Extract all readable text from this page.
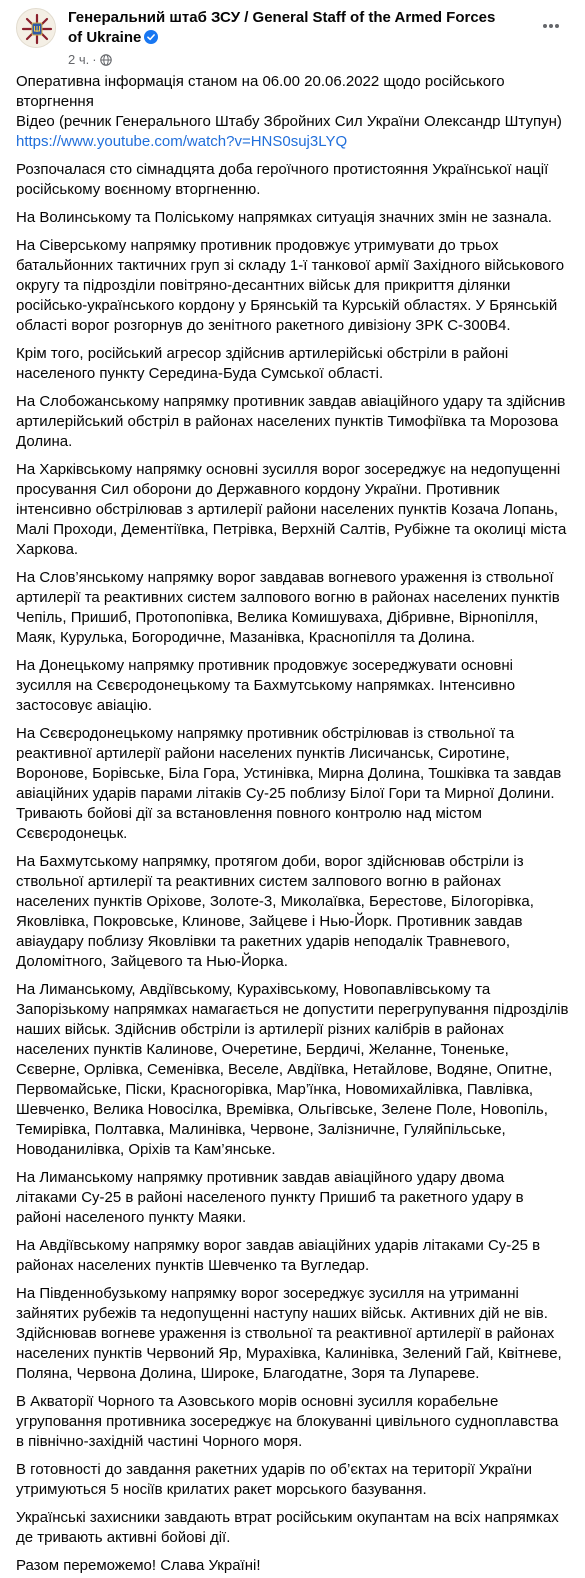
Генеральний штаб ЗСУ / General Staff of the Armed Forces of Ukraine
2 ч. ·
Оперативна інформація станом на 06.00 20.06.2022 щодо російського
вторгнення
Відео (речник Генерального Штабу Збройних Сил України Олександр Штупун)
https://www.youtube.com/watch?v=HNS0suj3LYQ
Розпочалася сто сімнадцята доба героїчного протистояння Української нації російському воєнному вторгненню.
На Волинському та Поліському напрямках ситуація значних змін не зазнала.
На Сіверському напрямку противник продовжує утримувати до трьох батальйонних тактичних груп зі складу 1-ї танкової армії Західного військового округу та підрозділи повітряно-десантних військ для прикриття ділянки російсько-українського кордону у Брянській та Курській областях. У Брянській області ворог розгорнув до зенітного ракетного дивізіону ЗРК С-300В4.
Крім того, російський агресор здійснив артилерійські обстріли в районі населеного пункту Середина-Буда Сумської області.
На Слобожанському напрямку противник завдав авіаційного удару та здійснив артилерійський обстріл в районах населених пунктів Тимофіївка та Морозова Долина.
На Харківському напрямку основні зусилля ворог зосереджує на недопущенні просування Сил оборони до Державного кордону України. Противник інтенсивно обстрілював з артилерії райони населених пунктів Козача Лопань, Малі Проходи, Дементіївка, Петрівка, Верхній Салтів, Рубіжне та околиці міста Харкова.
На Слов’янському напрямку ворог завдавав вогневого ураження із ствольної артилерії та реактивних систем залпового вогню в районах населених пунктів Чепіль, Пришиб, Протопопівка, Велика Комишуваха, Дібривне, Вірнопілля, Маяк, Курулька, Богородичне, Мазанівка, Краснопілля та Долина.
На Донецькому напрямку противник продовжує зосереджувати основні зусилля на Сєвєродонецькому та Бахмутському напрямках. Інтенсивно застосовує авіацію.
На Сєвєродонецькому напрямку противник обстрілював із ствольної та реактивної артилерії райони населених пунктів Лисичанськ, Сиротине, Воронове, Борівське, Біла Гора, Устинівка, Мирна Долина, Тошківка та завдав авіаційних ударів парами літаків Су-25 поблизу Білої Гори та Мирної Долини. Тривають бойові дії за встановлення повного контролю над містом Сєвєродонецьк.
На Бахмутському напрямку, протягом доби, ворог здійснював обстріли із ствольної артилерії та реактивних систем залпового вогню в районах населених пунктів Оріхове, Золоте-3, Миколаївка, Берестове, Білогорівка, Яковлівка, Покровське, Клинове, Зайцеве і Нью-Йорк. Противник завдав авіаудару поблизу Яковлівки та ракетних ударів неподалік Травневого, Доломітного, Зайцевого та Нью-Йорка.
На Лиманському, Авдіївському, Курахівському, Новопавлівському та Запорізькому напрямках намагається не допустити перегрупування підрозділів наших військ. Здійснив обстріли із артилерії різних калібрів в районах населених пунктів Калинове, Очеретине, Бердичі, Желанне, Тоненьке, Сєверне, Орлівка, Семенівка, Веселе, Авдіївка, Нетайлове, Водяне, Опитне, Первомайське, Піски, Красногорівка, Мар’їнка, Новомихайлівка, Павлівка, Шевченко, Велика Новосілка, Времівка, Ольгівське, Зелене Поле, Новопіль, Темирівка, Полтавка, Малинівка, Червоне, Залізничне, Гуляйпільське, Новоданилівка, Оріхів та Кам’янське.
На Лиманському напрямку противник завдав авіаційного удару двома літаками Су-25 в районі населеного пункту Пришиб та ракетного удару в районі населеного пункту Маяки.
На Авдіївському напрямку ворог завдав авіаційних ударів літаками Су-25 в районах населених пунктів Шевченко та Вугледар.
На Південнобузькому напрямку ворог зосереджує зусилля на утриманні зайнятих рубежів та недопущенні наступу наших військ. Активних дій не вів. Здійснював вогневе ураження із ствольної та реактивної артилерії в районах населених пунктів Червоний Яр, Мурахівка, Калинівка, Зелений Гай, Квітневе, Поляна, Червона Долина, Широке, Благодатне, Зоря та Лупареве.
В Акваторії Чорного та Азовського морів основні зусилля корабельне угруповання противника зосереджує на блокуванні цивільного судноплавства в північно-західній частині Чорного моря.
В готовності до завдання ракетних ударів по об’єктах на території України утримуються 5 носіїв крилатих ракет морського базування.
Українські захисники завдають втрат російським окупантам на всіх напрямках де тривають активні бойові дії.
Разом переможемо! Слава Україні!
